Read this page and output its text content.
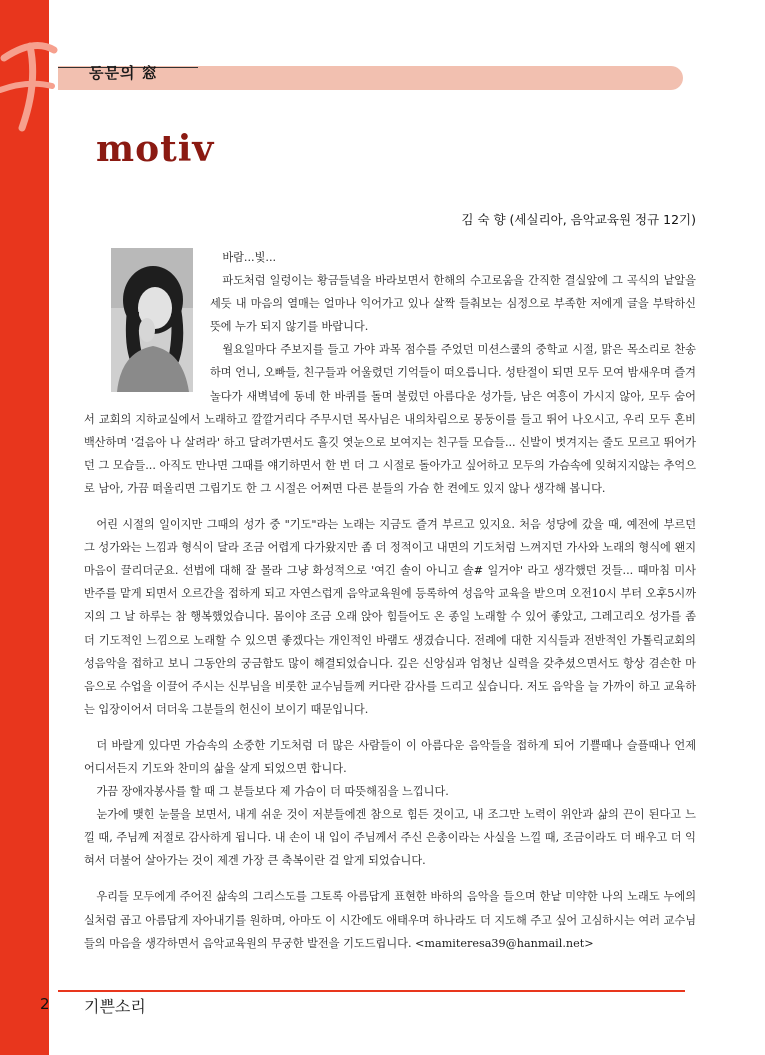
동문의 窓
motiv
김 숙 향 (세실리아, 음악교육원 정규 12기)

바람...빛...

파도처럼 일렁이는 황금들녘을 바라보면서 한해의 수고로움을 간직한 결실앞에 그 곡식의 낱알을 세듯 내 마음의 열매는 얼마나 익어가고 있나 살짝 들춰보는 심정으로 부족한 저에게 글을 부탁하신 뜻에 누가 되지 않기를 바랍니다.

월요일마다 주보지를 들고 가야 과목 점수를 주었던 미션스쿨의 중학교 시절, 맑은 목소리로 찬송하며 언니, 오빠들, 친구들과 어울렸던 기억들이 떠오릅니다. 성탄절이 되면 모두 모여 밤새우며 즐겨 놀다가 새벽녘에 동네 한 바퀴를 돌며 불렀던 아름다운 성가들, 남은 여흥이 가시지 않아, 모두 숨어서 교회의 지하교실에서 노래하고 깔깔거리다 주무시던 목사님은 내의차림으로 몽둥이를 들고 뛰어 나오시고, 우리 모두 혼비백산하며 '걸음아 나 살려라' 하고 달려가면서도 흘깃 엿눈으로 보여지는 친구들 모습들... 신발이 벗겨지는 줄도 모르고 뛰어가던 그 모습들... 아직도 만나면 그때를 얘기하면서 한 번 더 그 시절로 돌아가고 싶어하고 모두의 가슴속에 잊혀지지않는 추억으로 남아, 가끔 떠올리면 그립기도 한 그 시절은 어쩌면 다른 분들의 가슴 한 켠에도 있지 않나 생각해 봅니다.

어린 시절의 일이지만 그때의 성가 중 "기도"라는 노래는 지금도 즐겨 부르고 있지요. 처음 성당에 갔을 때, 예전에 부르던 그 성가와는 느낌과 형식이 달라 조금 어렵게 다가왔지만 좀 더 정적이고 내면의 기도처럼 느껴지던 가사와 노래의 형식에 왠지 마음이 끌리더군요. 선법에 대해 잘 몰라 그냥 화성적으로 '여긴 솔이 아니고 솔# 일거야' 라고 생각했던 것들... 때마침 미사 반주를 맡게 되면서 오르간을 접하게 되고 자연스럽게 음악교육원에 등록하여 성음악 교육을 받으며 오전10시 부터 오후5시까지의 그 날 하루는 참 행복했었습니다. 몸이야 조금 오래 앉아 힘들어도 온 종일 노래할 수 있어 좋았고, 그레고리오 성가를 좀 더 기도적인 느낌으로 노래할 수 있으면 좋겠다는 개인적인 바램도 생겼습니다. 전례에 대한 지식들과 전반적인 가톨릭교회의 성음악을 접하고 보니 그동안의 궁금함도 많이 해결되었습니다. 깊은 신앙심과 엄청난 실력을 갖추셨으면서도 항상 겸손한 마음으로 수업을 이끌어 주시는 신부님을 비롯한 교수님들께 커다란 감사를 드리고 싶습니다. 저도 음악을 늘 가까이 하고 교육하는 입장이어서 더더욱 그분들의 헌신이 보이기 때문입니다.

더 바랄게 있다면 가슴속의 소중한 기도처럼 더 많은 사람들이 이 아름다운 음악들을 접하게 되어 기쁠때나 슬플때나 언제 어디서든지 기도와 찬미의 삶을 살게 되었으면 합니다.

가끔 장애자봉사를 할 때 그 분들보다 제 가슴이 더 따뜻해짐을 느낍니다.

눈가에 맺힌 눈물을 보면서, 내게 쉬운 것이 저분들에겐 참으로 힘든 것이고, 내 조그만 노력이 위안과 삶의 끈이 된다고 느낄 때, 주님께 저절로 감사하게 됩니다. 내 손이 내 입이 주님께서 주신 은총이라는 사실을 느낄 때, 조금이라도 더 배우고 더 익혀서 더불어 살아가는 것이 제겐 가장 큰 축복이란 걸 알게 되었습니다.

우리들 모두에게 주어진 삶속의 그리스도를 그토록 아름답게 표현한 바하의 음악을 들으며 한낱 미약한 나의 노래도 누에의 실처럼 곱고 아름답게 자아내기를 원하며, 아마도 이 시간에도 애태우며 하나라도 더 지도해 주고 싶어 고심하시는 여러 교수님들의 마음을 생각하면서 음악교육원의 무궁한 발전을 기도드립니다. <mamiteresa39@hanmail.net>

2 기쁜소리
